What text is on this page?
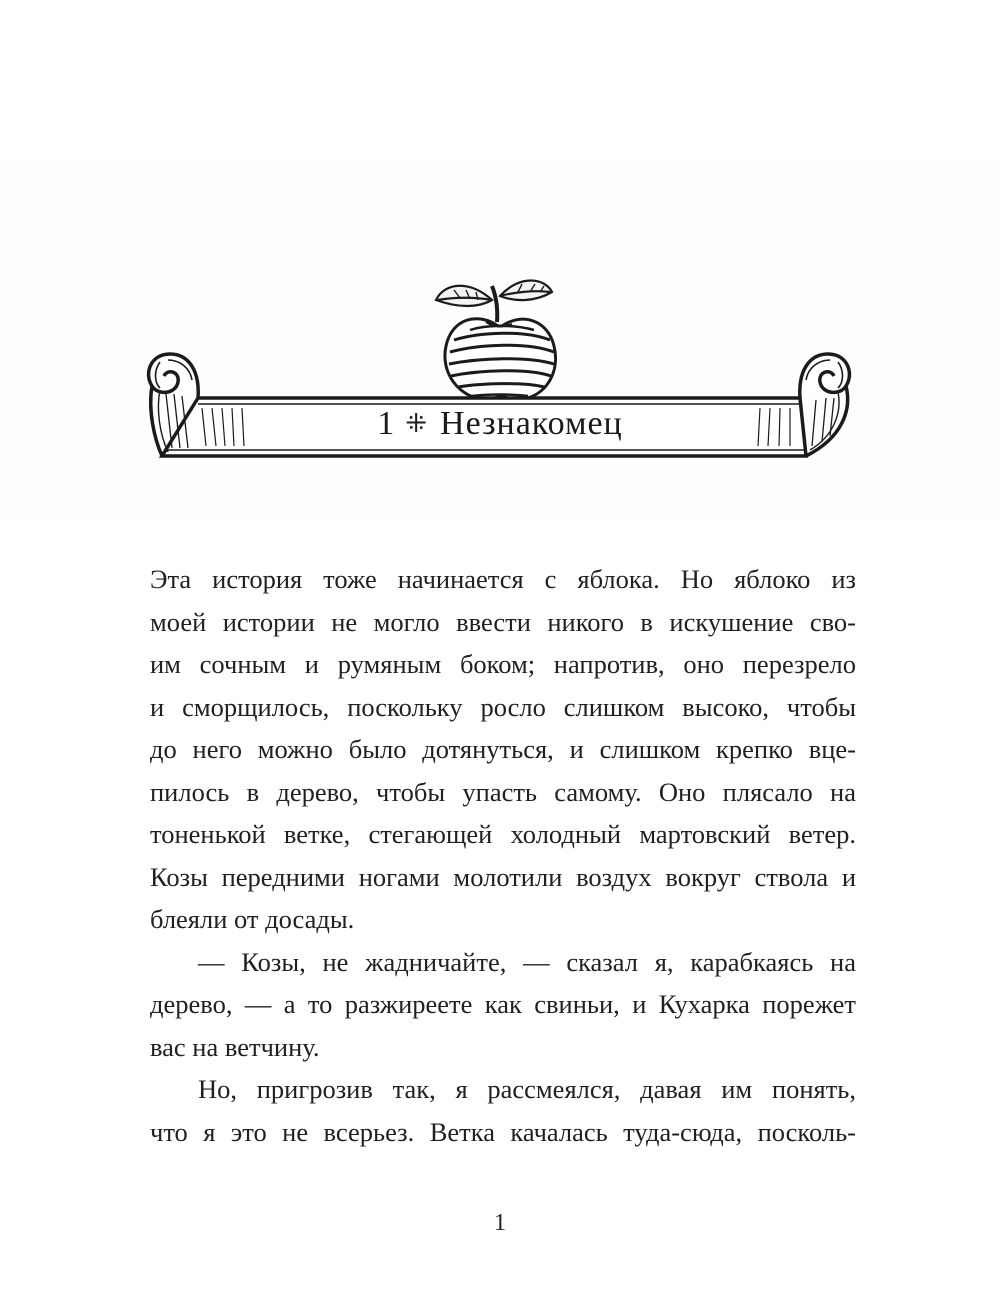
1 ⁜ Незнакомец
Эта история тоже начинается с яблока. Но яблоко из
моей истории не могло ввести никого в искушение сво-
им сочным и румяным боком; напротив, оно перезрело
и сморщилось, поскольку росло слишком высоко, чтобы
до него можно было дотянуться, и слишком крепко вце-
пилось в дерево, чтобы упасть самому. Оно плясало на
тоненькой ветке, стегающей холодный мартовский ветер.
Козы передними ногами молотили воздух вокруг ствола и
блеяли от досады.
— Козы, не жадничайте, — сказал я, карабкаясь на
дерево, — а то разжиреете как свиньи, и Кухарка порежет
вас на ветчину.
Но, пригрозив так, я рассмеялся, давая им понять,
что я это не всерьез. Ветка качалась туда-сюда, посколь-
1
